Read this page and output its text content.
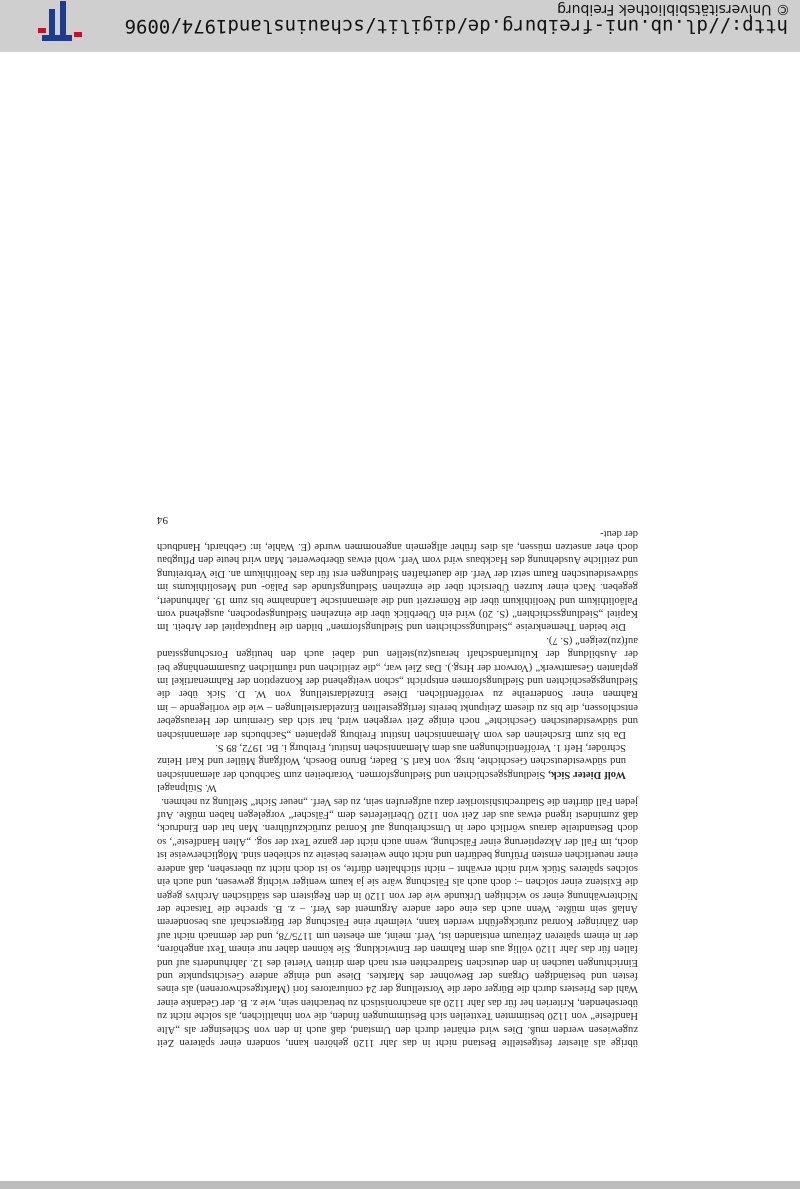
übrige als ältester festgestellte Bestand nicht in das Jahr 1120 gehören kann, sondern einer späteren Zeit zugewiesen werden muß. Dies wird erhärtet durch den Umstand, daß auch in den von Schlesinger als „Alte Handfeste“ von 1120 bestimmten Textteilen sich Bestimmungen finden, die von inhaltlichen, als solche nicht zu übersehenden, Kriterien her für das Jahr 1120 als anachronistisch zu betrachten sein, wie z. B. der Gedanke einer Wahl des Priesters durch die Bürger oder die Vorstellung der 24 coniuratores fori (Marktgeschworenen) als eines festen und beständigen Organs der Bewohner des Marktes. Diese und einige andere Gesichtspunkte und Einrichtungen tauchen in den deutschen Stadtrechten erst nach dem dritten Viertel des 12. Jahrhunderts auf und fallen für das Jahr 1120 völlig aus dem Rahmen der Entwicklung. Sie können daher nur einem Text angehören, der in einem späteren Zeitraum entstanden ist, Verf. meint, am ehesten um 1175/78, und der demnach nicht auf den Zähringer Konrad zurückgeführt werden kann, vielmehr eine Fälschung der Bürgerschaft aus besonderem Anlaß sein müßte. Wenn auch das eine oder andere Argument des Verf. – z. B. spreche die Tatsache der Nichterwähnung einer so wichtigen Urkunde wie der von 1120 in den Registern des städtischen Archivs gegen die Existenz einer solchen –: doch auch als Fälschung wäre sie ja kaum weniger wichtig gewesen, und auch ein solches späteres Stück wird nicht erwähnt – nicht stichhalten dürfte, so ist doch nicht zu übersehen, daß andere einer neuerlichen ernsten Prüfung bedürfen und nicht ohne weiteres beiseite zu schieben sind. Möglicherweise ist doch, im Fall der Akzeptierung einer Fälschung, wenn auch nicht der ganze Text der sog. „Alten Handfeste“, so doch Bestandteile daraus wörtlich oder in Umschreibung auf Konrad zurückzuführen. Man hat den Eindruck, daß zumindest irgend etwas aus der Zeit von 1120 Überliefertes dem „Fälscher“ vorgelegen haben müßte. Auf jeden Fall dürften die Stadtrechtshistoriker dazu aufgerufen sein, zu des Verf. „neuer Sicht“ Stellung zu nehmen.

W. Stülpnagel

Wolf Dieter Sick, Siedlungsgeschichten und Siedlungsformen. Vorarbeiten zum Sachbuch der alemannischen und südwestdeutschen Geschichte, hrsg. von Karl S. Bader, Bruno Boesch, Wolfgang Müller und Karl Heinz Schröder, Heft 1. Veröffentlichungen aus dem Alemannischen Institut, Freiburg i. Br. 1972, 89 S.

Da bis zum Erscheinen des vom Alemannischen Institut Freiburg geplanten „Sachbuchs der alemannischen und südwestdeutschen Geschichte“ noch einige Zeit vergehen wird, hat sich das Gremium der Herausgeber entschlossen, die bis zu diesem Zeitpunkt bereits fertiggestellten Einzeldarstellungen – wie die vorliegende – im Rahmen einer Sonderreihe zu veröffentlichen. Diese Einzeldarstellung von W. D. Sick über die Siedlungsgeschichten und Siedlungsformen entspricht „schon weitgehend der Konzeption der Rahmenartikel im geplanten Gesamtwerk“ (Vorwort der Hrsg.). Das Ziel war, „die zeitlichen und räumlichen Zusammenhänge bei der Ausbildung der Kulturlandschaft heraus(zu)stellen und dabei auch den heutigen Forschungsstand auf(zu)zeigen“ (S. 7).

Die beiden Themenkreise „Siedlungsschichten und Siedlungsformen“ bilden die Hauptkapitel der Arbeit. Im Kapitel „Siedlungsschichten“ (S. 20) wird ein Überblick über die einzelnen Siedlungsepochen, ausgehend vom Paläolithikum und Neolithikum über die Römerzeit und die alemannische Landnahme bis zum 19. Jahrhundert, gegeben. Nach einer kurzen Übersicht über die einzelnen Siedlungsfunde des Paläo- und Mesolithikums im südwestdeutschen Raum setzt der Verf. die dauerhaften Siedlungen erst für das Neolithikum an. Die Verbreitung und zeitliche Ausdehnung des Hackbaus wird vom Verf. wohl etwas überbewertet. Man wird heute den Pflugbau doch eher ansetzen müssen, als dies früher allgemein angenommen wurde (E. Wahle, in: Gebhardt, Handbuch der deut-

94

http://dl.ub.uni-freiburg.de/digilit/schauinsland1974/0096
© Universitätsbibliothek Freiburg
